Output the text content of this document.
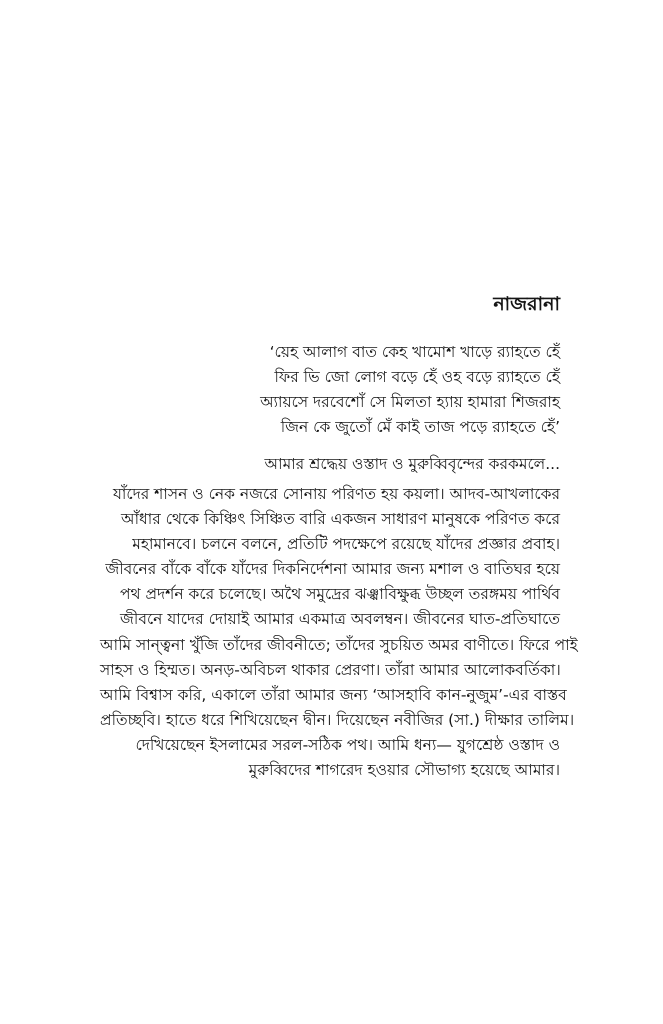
নাজরানা
‘য়েহ আলাগ বাত কেহ খামোশ খাড়ে র‍্যাহতে হেঁ
ফির ভি জো লোগ বড়ে হেঁ ওহ বড়ে র‍্যাহতে হেঁ
অ্যায়সে দরবেশোঁ সে মিলতা হ্যায় হামারা শিজরাহ
জিন কে জুতোঁ মেঁ কাই তাজ পড়ে র‍্যাহতে হেঁ’
আমার শ্রদ্ধেয় ওস্তাদ ও মুরুব্বিবৃন্দের করকমলে...
যাঁদের শাসন ও নেক নজরে সোনায় পরিণত হয় কয়লা। আদব-আখলাকের
আঁধার থেকে কিঞ্চিৎ সিঞ্চিত বারি একজন সাধারণ মানুষকে পরিণত করে
মহামানবে। চলনে বলনে, প্রতিটি পদক্ষেপে রয়েছে যাঁদের প্রজ্ঞার প্রবাহ।
জীবনের বাঁকে বাঁকে যাঁদের দিকনির্দেশনা আমার জন্য মশাল ও বাতিঘর হয়ে
পথ প্রদর্শন করে চলেছে। অথৈ সমুদ্রের ঝঞ্ঝাবিক্ষুব্ধ উচ্ছল তরঙ্গময় পার্থিব
জীবনে যাদের দোয়াই আমার একমাত্র অবলম্বন। জীবনের ঘাত-প্রতিঘাতে
আমি সান্ত্বনা খুঁজি তাঁদের জীবনীতে; তাঁদের সুচয়িত অমর বাণীতে। ফিরে পাই
সাহস ও হিম্মত। অনড়-অবিচল থাকার প্রেরণা। তাঁরা আমার আলোকবর্তিকা।
আমি বিশ্বাস করি, একালে তাঁরা আমার জন্য ‘আসহাবি কান-নুজুম’-এর বাস্তব
প্রতিচ্ছবি। হাতে ধরে শিখিয়েছেন দ্বীন। দিয়েছেন নবীজির (সা.) দীক্ষার তালিম।
দেখিয়েছেন ইসলামের সরল-সঠিক পথ। আমি ধন্য— যুগশ্রেষ্ঠ ওস্তাদ ও
মুরুব্বিদের শাগরেদ হওয়ার সৌভাগ্য হয়েছে আমার।
